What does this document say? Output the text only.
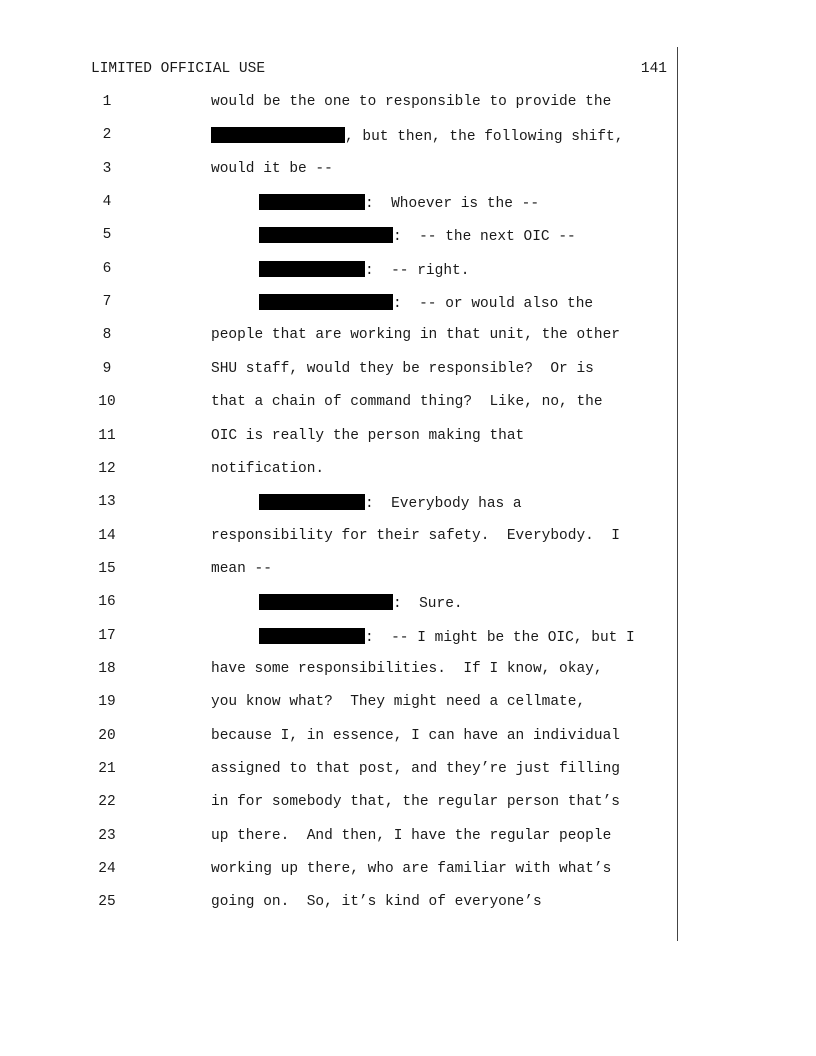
LIMITED OFFICIAL USE	141
1	would be the one to responsible to provide the
2	, but then, the following shift,
3	would it be --
4	:  Whoever is the --
5	:  -- the next OIC --
6	:  -- right.
7	:  -- or would also the
8	people that are working in that unit, the other
9	SHU staff, would they be responsible?  Or is
10	that a chain of command thing?  Like, no, the
11	OIC is really the person making that
12	notification.
13	:  Everybody has a
14	responsibility for their safety.  Everybody.  I
15	mean --
16	:  Sure.
17	:  -- I might be the OIC, but I
18	have some responsibilities.  If I know, okay,
19	you know what?  They might need a cellmate,
20	because I, in essence, I can have an individual
21	assigned to that post, and they’re just filling
22	in for somebody that, the regular person that’s
23	up there.  And then, I have the regular people
24	working up there, who are familiar with what’s
25	going on.  So, it’s kind of everyone’s
